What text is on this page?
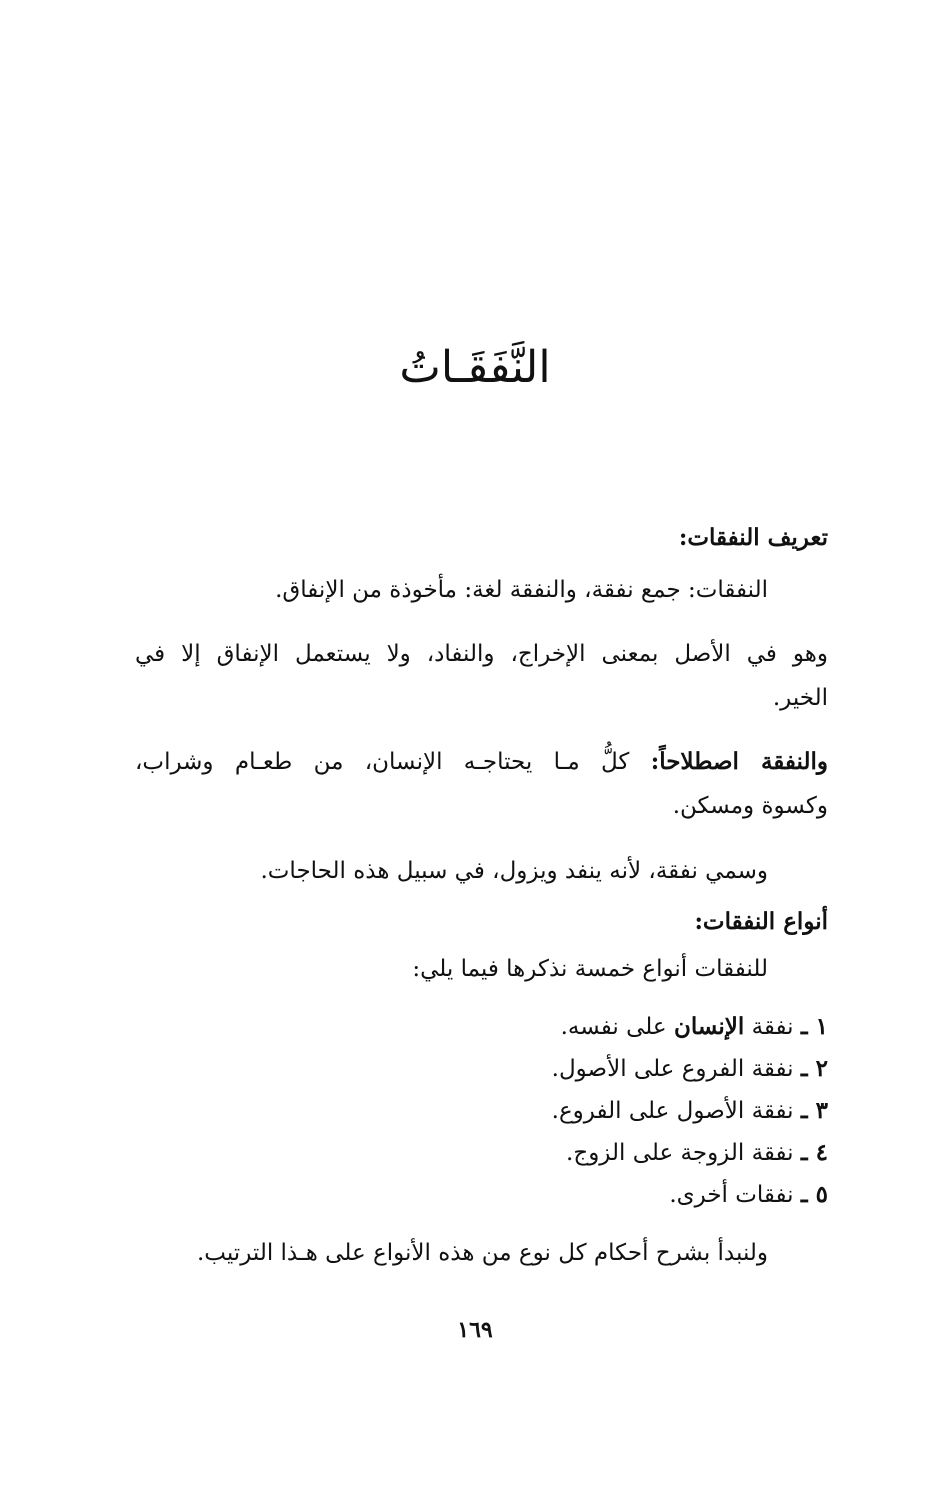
النَّفَقَـاتُ
تعريف النفقات:
النفقات: جمع نفقة، والنفقة لغة: مأخوذة من الإنفاق.
وهو في الأصل بمعنى الإخراج، والنفاد، ولا يستعمل الإنفاق إلا في
الخير.
والنفقة اصطلاحاً: كلُّ مـا يحتاجـه الإنسان، من طعـام وشراب،
وكسوة ومسكن.
وسمي نفقة، لأنه ينفد ويزول، في سبيل هذه الحاجات.
أنواع النفقات:
للنفقات أنواع خمسة نذكرها فيما يلي:
١ ـ نفقة الإنسان على نفسه.
٢ ـ نفقة الفروع على الأصول.
٣ ـ نفقة الأصول على الفروع.
٤ ـ نفقة الزوجة على الزوج.
٥ ـ نفقات أخرى.
ولنبدأ بشرح أحكام كل نوع من هذه الأنواع على هـذا الترتيب.
١٦٩
